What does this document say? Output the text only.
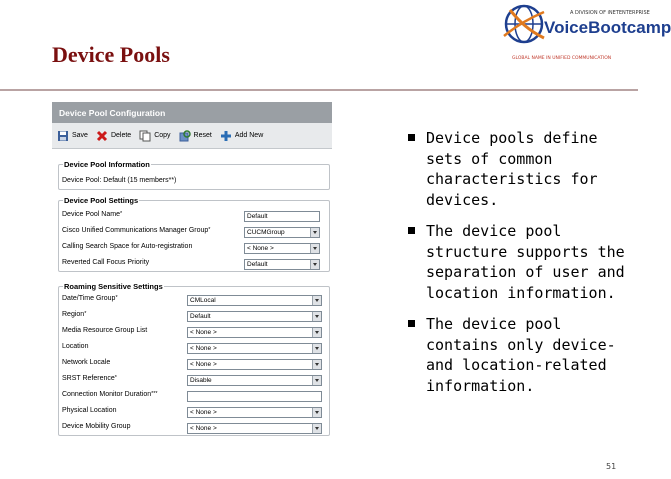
Device Pools
A DIVISION OF iNETENTERPRISE
VoiceBootcamp
GLOBAL NAME IN UNIFIED COMMUNICATION
Device Pool Configuration
Save	Delete	Copy	Reset	Add New
Device Pool Information
Device Pool: Default (15 members**)
Device Pool Settings
Device Pool Name*	Default
Cisco Unified Communications Manager Group*	CUCMGroup
Calling Search Space for Auto-registration	< None >
Reverted Call Focus Priority	Default
Roaming Sensitive Settings
Date/Time Group*	CMLocal
Region*	Default
Media Resource Group List	< None >
Location	< None >
Network Locale	< None >
SRST Reference*	Disable
Connection Monitor Duration***
Physical Location	< None >
Device Mobility Group	< None >
Device pools define sets of common characteristics for devices.
The device pool structure supports the separation of user and location information.
The device pool contains only device- and location-related information.
51
